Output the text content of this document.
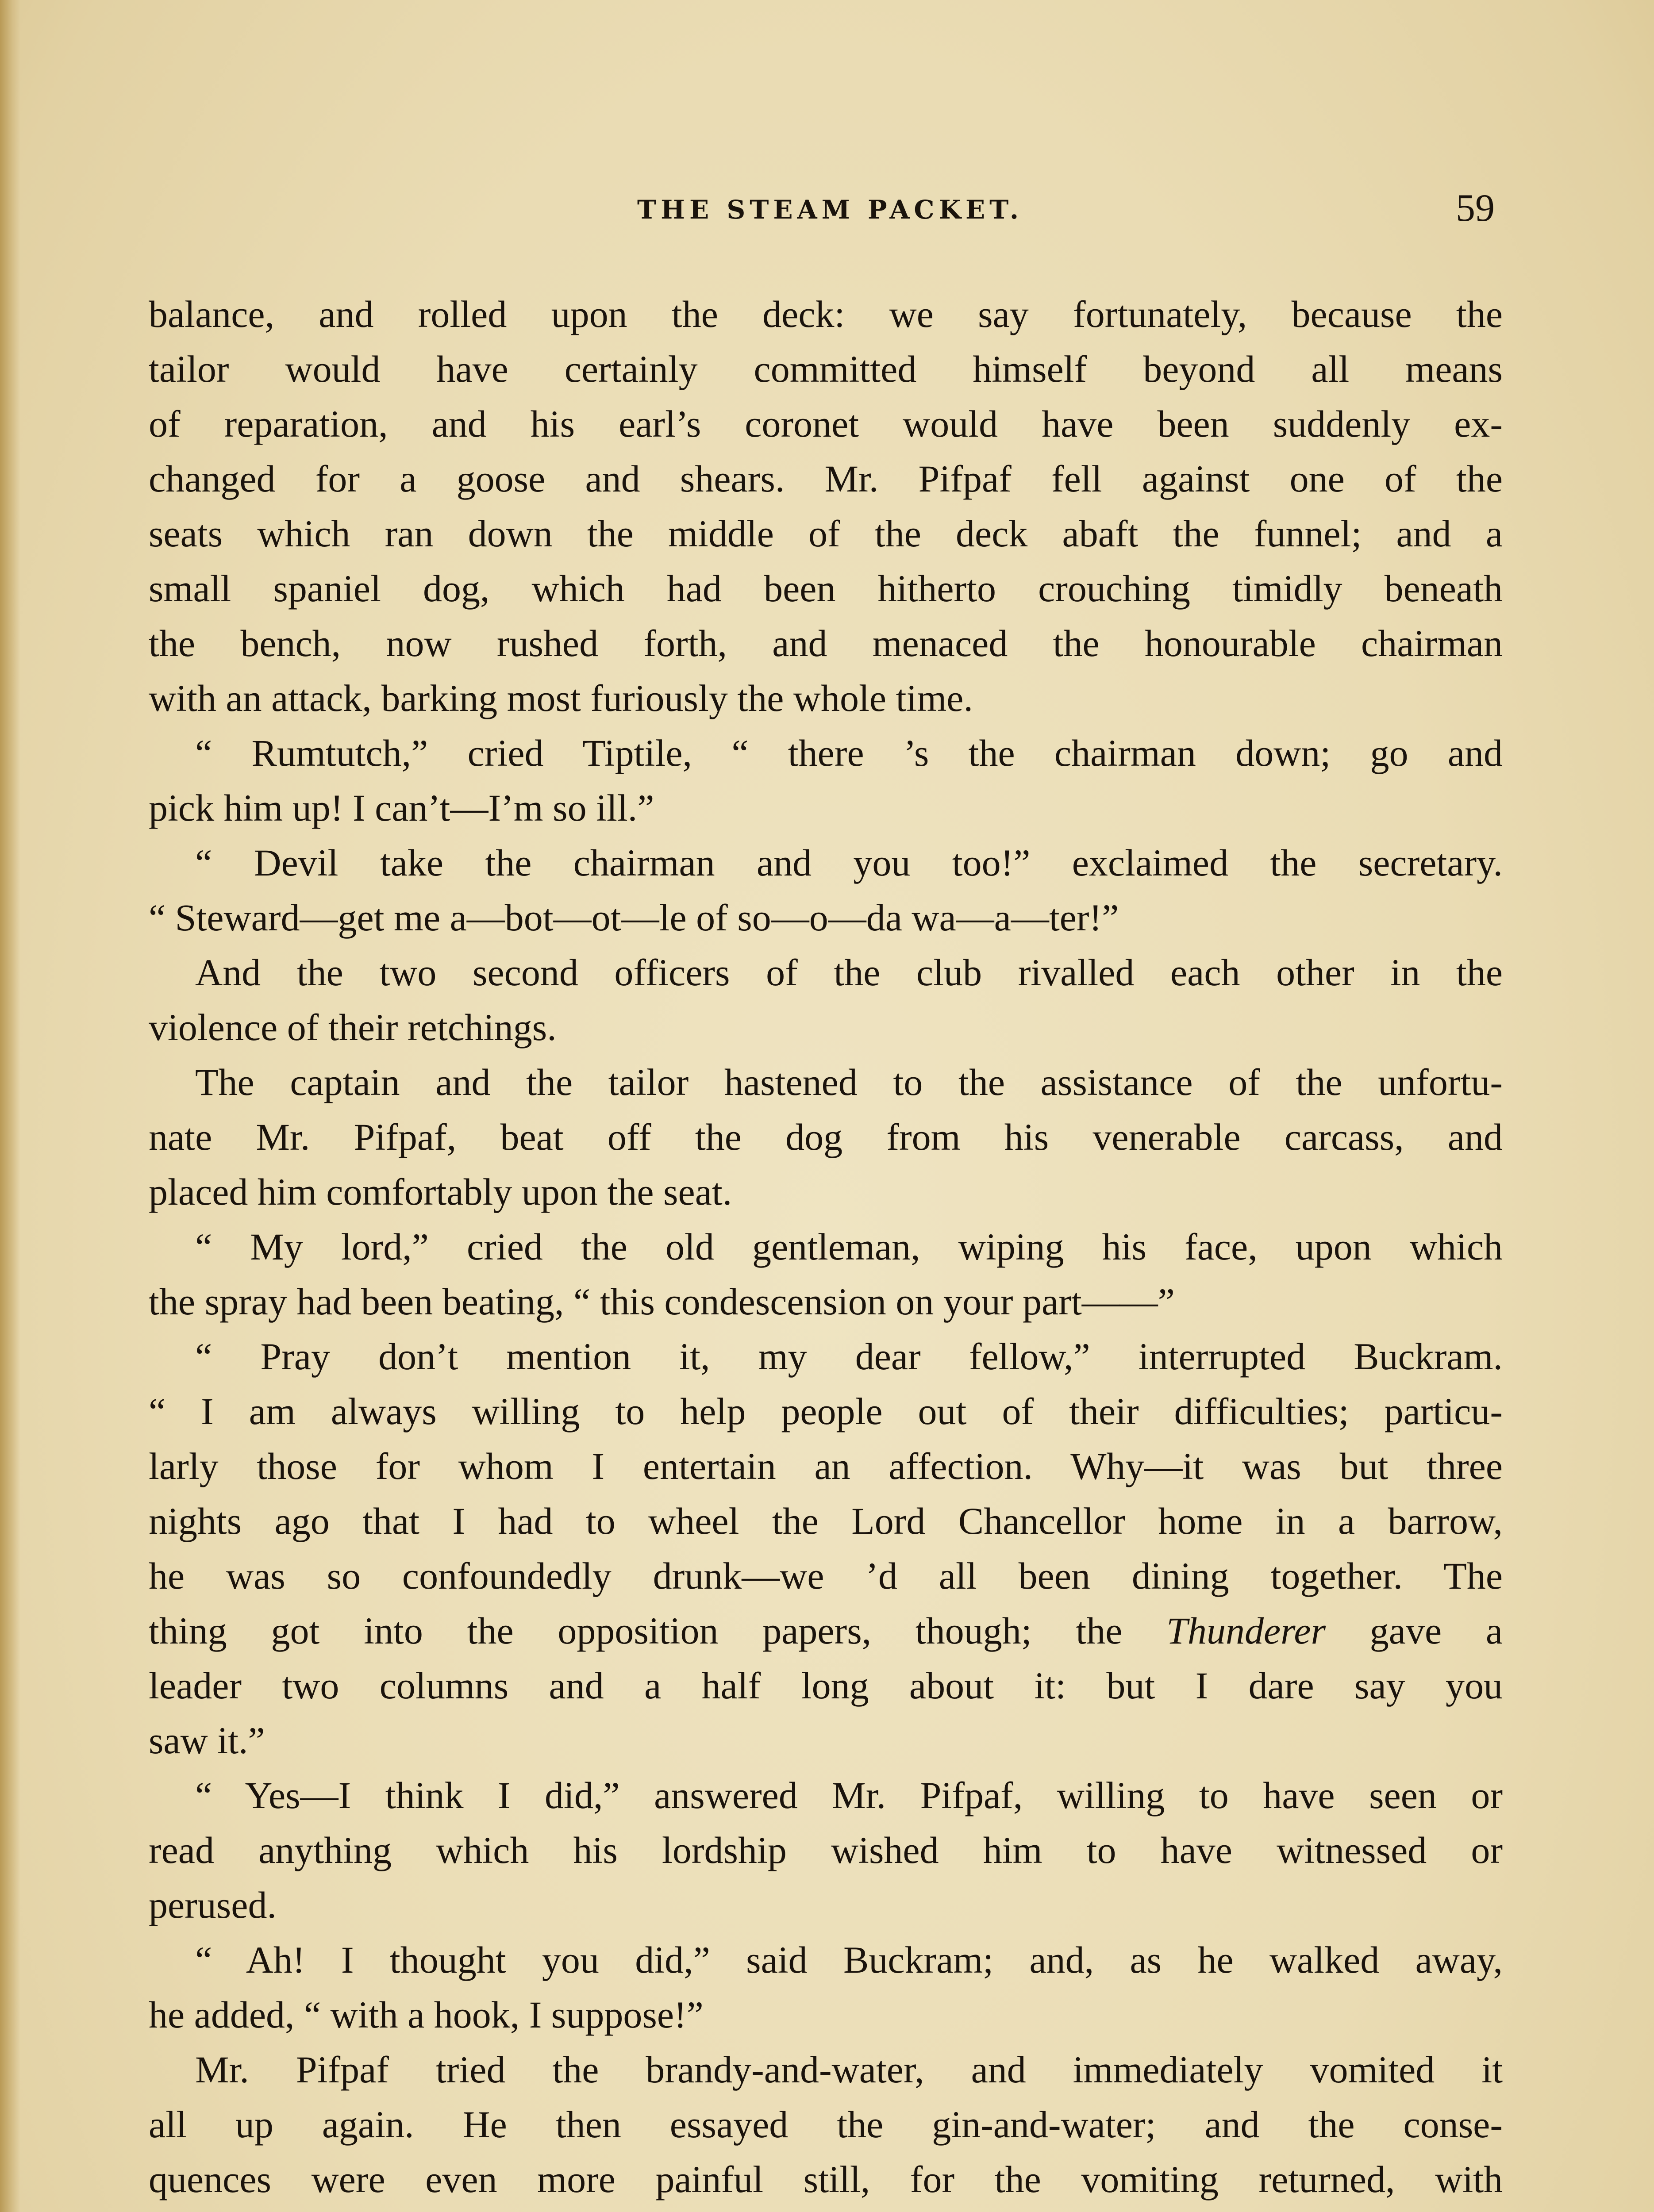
THE STEAM PACKET.	59
balance, and rolled upon the deck: we say fortunately, because the
tailor would have certainly committed himself beyond all means
of reparation, and his earl’s coronet would have been suddenly ex-
changed for a goose and shears. Mr. Pifpaf fell against one of the
seats which ran down the middle of the deck abaft the funnel; and a
small spaniel dog, which had been hitherto crouching timidly beneath
the bench, now rushed forth, and menaced the honourable chairman
with an attack, barking most furiously the whole time.
“ Rumtutch,” cried Tiptile, “ there ’s the chairman down; go and
pick him up! I can’t—I’m so ill.”
“ Devil take the chairman and you too!” exclaimed the secretary.
“ Steward—get me a—bot—ot—le of so—o—da wa—a—ter!”
And the two second officers of the club rivalled each other in the
violence of their retchings.
The captain and the tailor hastened to the assistance of the unfortu-
nate Mr. Pifpaf, beat off the dog from his venerable carcass, and
placed him comfortably upon the seat.
“ My lord,” cried the old gentleman, wiping his face, upon which
the spray had been beating, “ this condescension on your part——”
“ Pray don’t mention it, my dear fellow,” interrupted Buckram.
“ I am always willing to help people out of their difficulties; particu-
larly those for whom I entertain an affection. Why—it was but three
nights ago that I had to wheel the Lord Chancellor home in a barrow,
he was so confoundedly drunk—we ’d all been dining together. The
thing got into the opposition papers, though; the Thunderer gave a
leader two columns and a half long about it: but I dare say you
saw it.”
“ Yes—I think I did,” answered Mr. Pifpaf, willing to have seen or
read anything which his lordship wished him to have witnessed or
perused.
“ Ah! I thought you did,” said Buckram; and, as he walked away,
he added, “ with a hook, I suppose!”
Mr. Pifpaf tried the brandy-and-water, and immediately vomited it
all up again. He then essayed the gin-and-water; and the conse-
quences were even more painful still, for the vomiting returned, with
